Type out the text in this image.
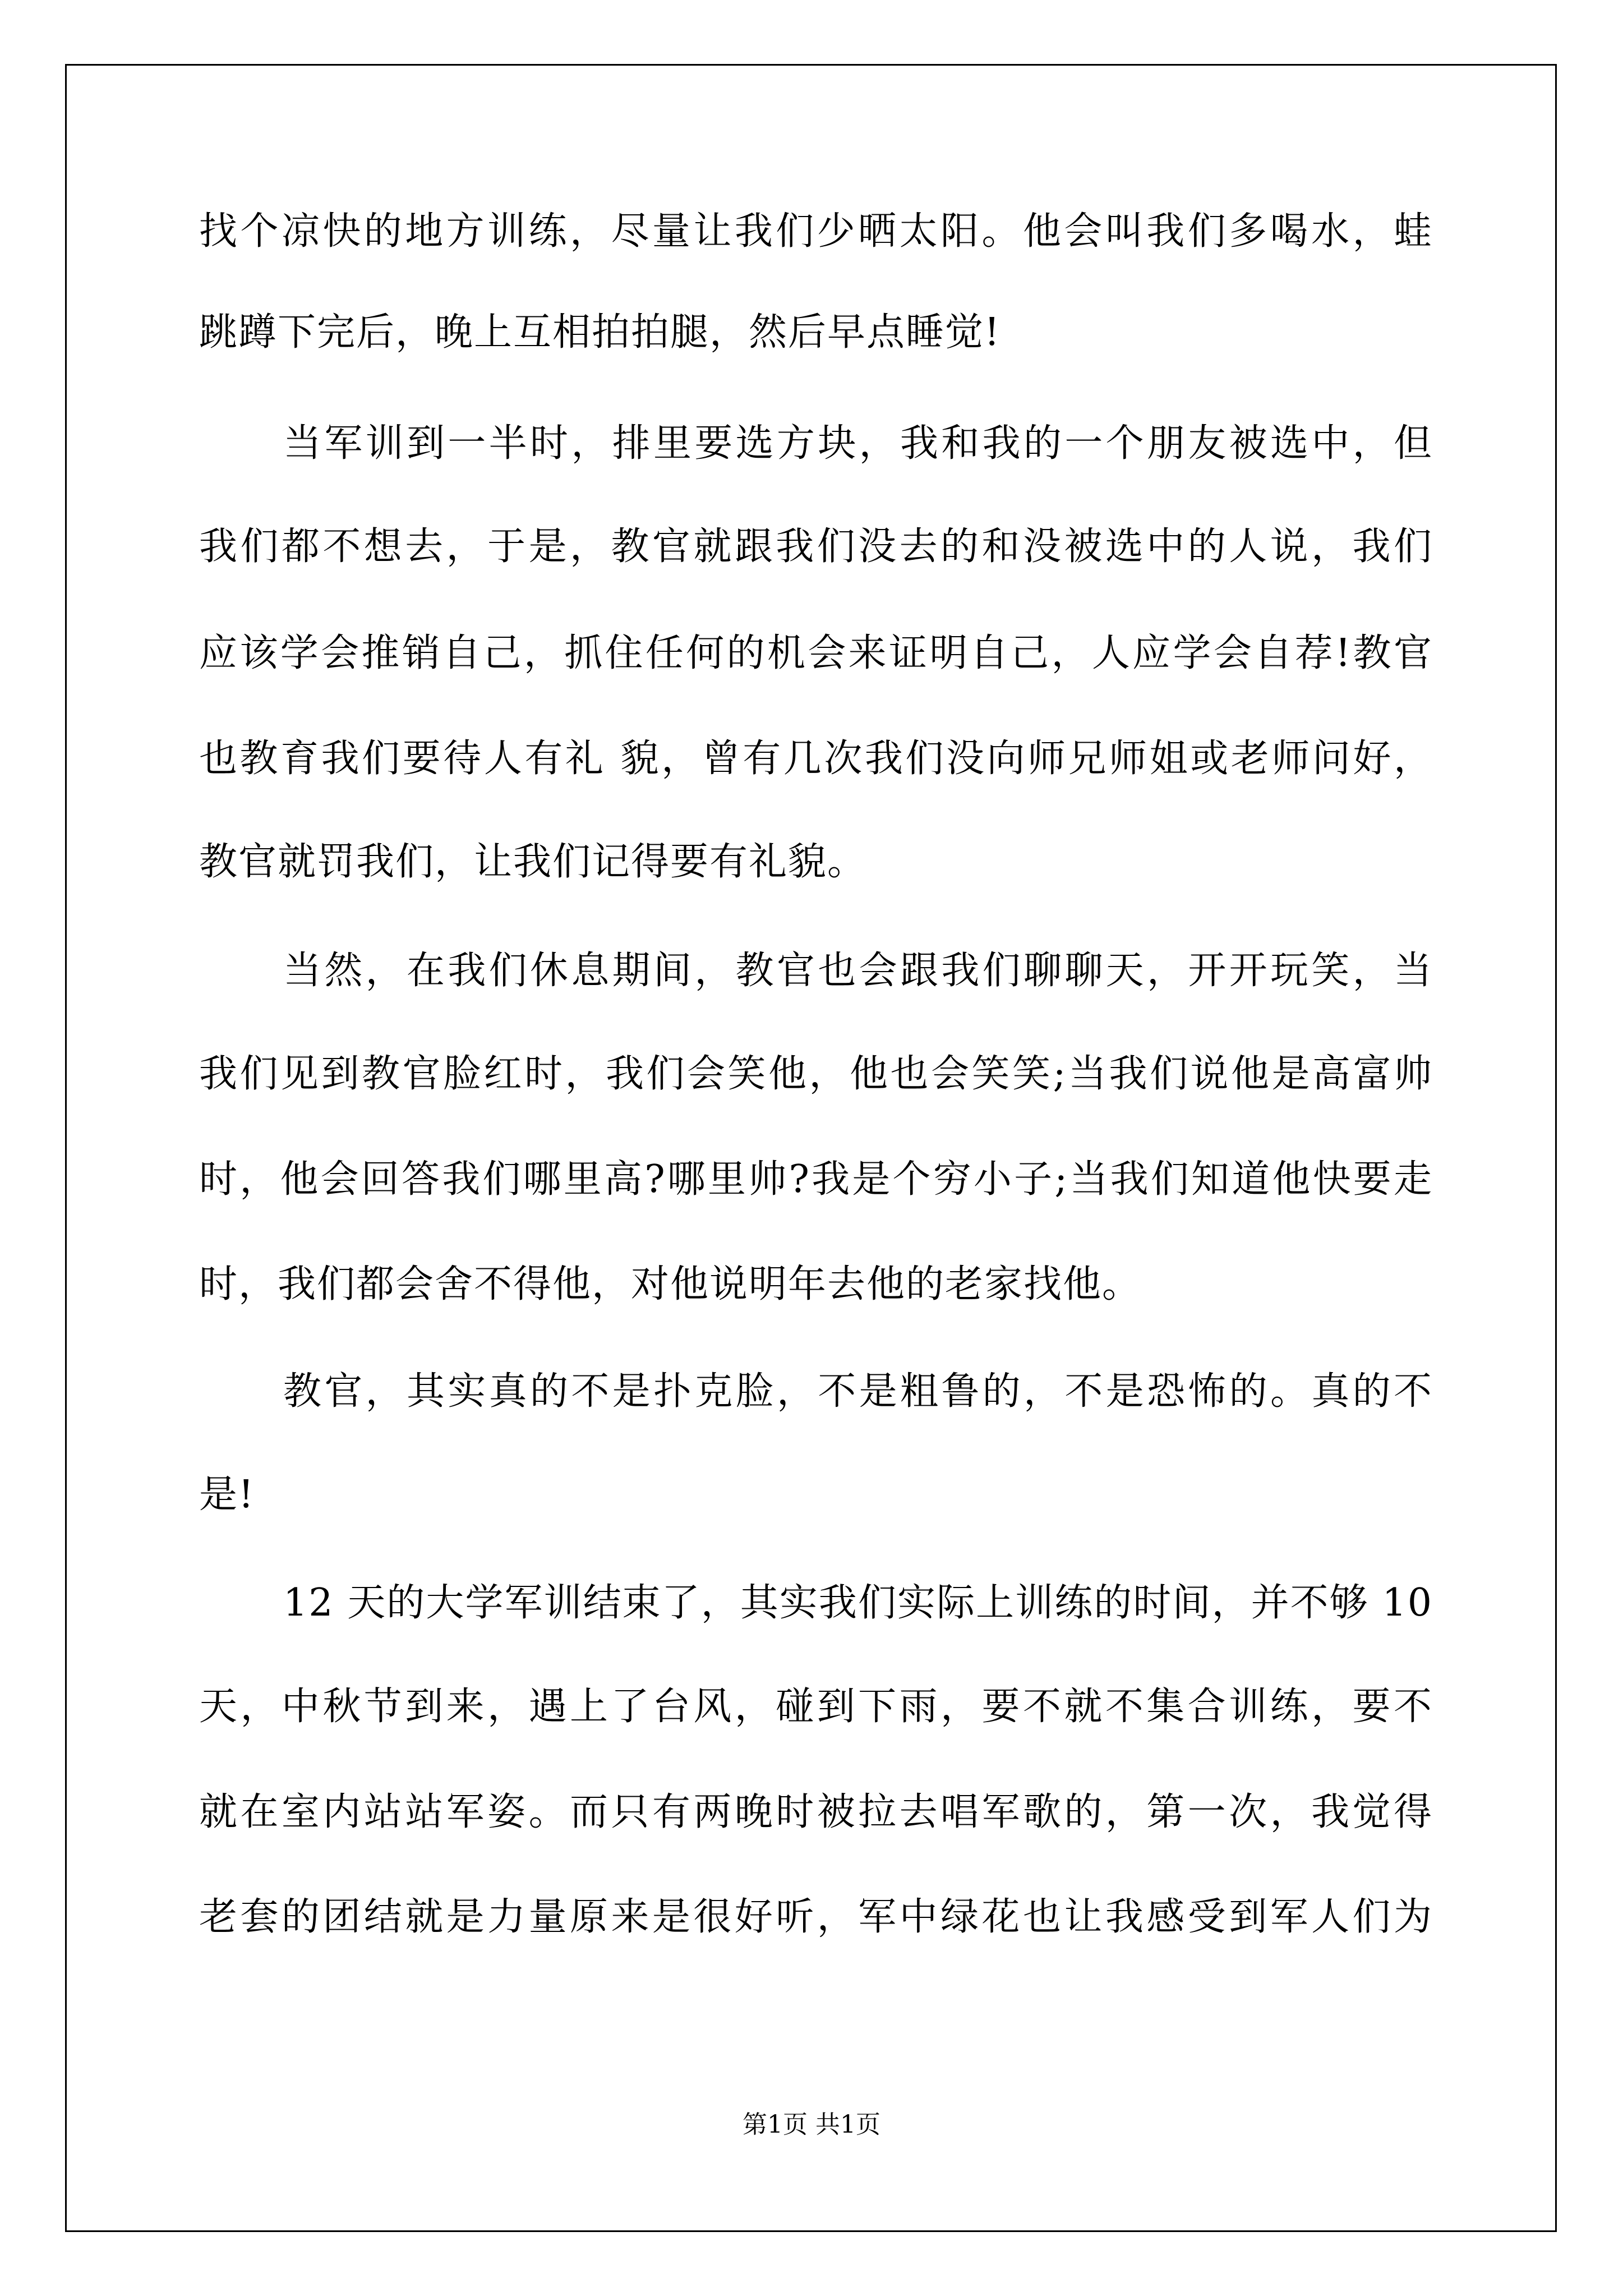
找个凉快的地方训练，尽量让我们少晒太阳。他会叫我们多喝水，蛙
跳蹲下完后，晚上互相拍拍腿，然后早点睡觉!
当军训到一半时，排里要选方块，我和我的一个朋友被选中，但
我们都不想去，于是，教官就跟我们没去的和没被选中的人说，我们
应该学会推销自己，抓住任何的机会来证明自己，人应学会自荐!教官
也教育我们要待人有礼 貌，曾有几次我们没向师兄师姐或老师问好，
教官就罚我们，让我们记得要有礼貌。
当然，在我们休息期间，教官也会跟我们聊聊天，开开玩笑，当
我们见到教官脸红时，我们会笑他，他也会笑笑;当我们说他是高富帅
时，他会回答我们哪里高?哪里帅?我是个穷小子;当我们知道他快要走
时，我们都会舍不得他，对他说明年去他的老家找他。
教官，其实真的不是扑克脸，不是粗鲁的，不是恐怖的。真的不
是!
12 天的大学军训结束了，其实我们实际上训练的时间，并不够 10
天，中秋节到来，遇上了台风，碰到下雨，要不就不集合训练，要不
就在室内站站军姿。而只有两晚时被拉去唱军歌的，第一次，我觉得
老套的团结就是力量原来是很好听，军中绿花也让我感受到军人们为
第1页 共1页
